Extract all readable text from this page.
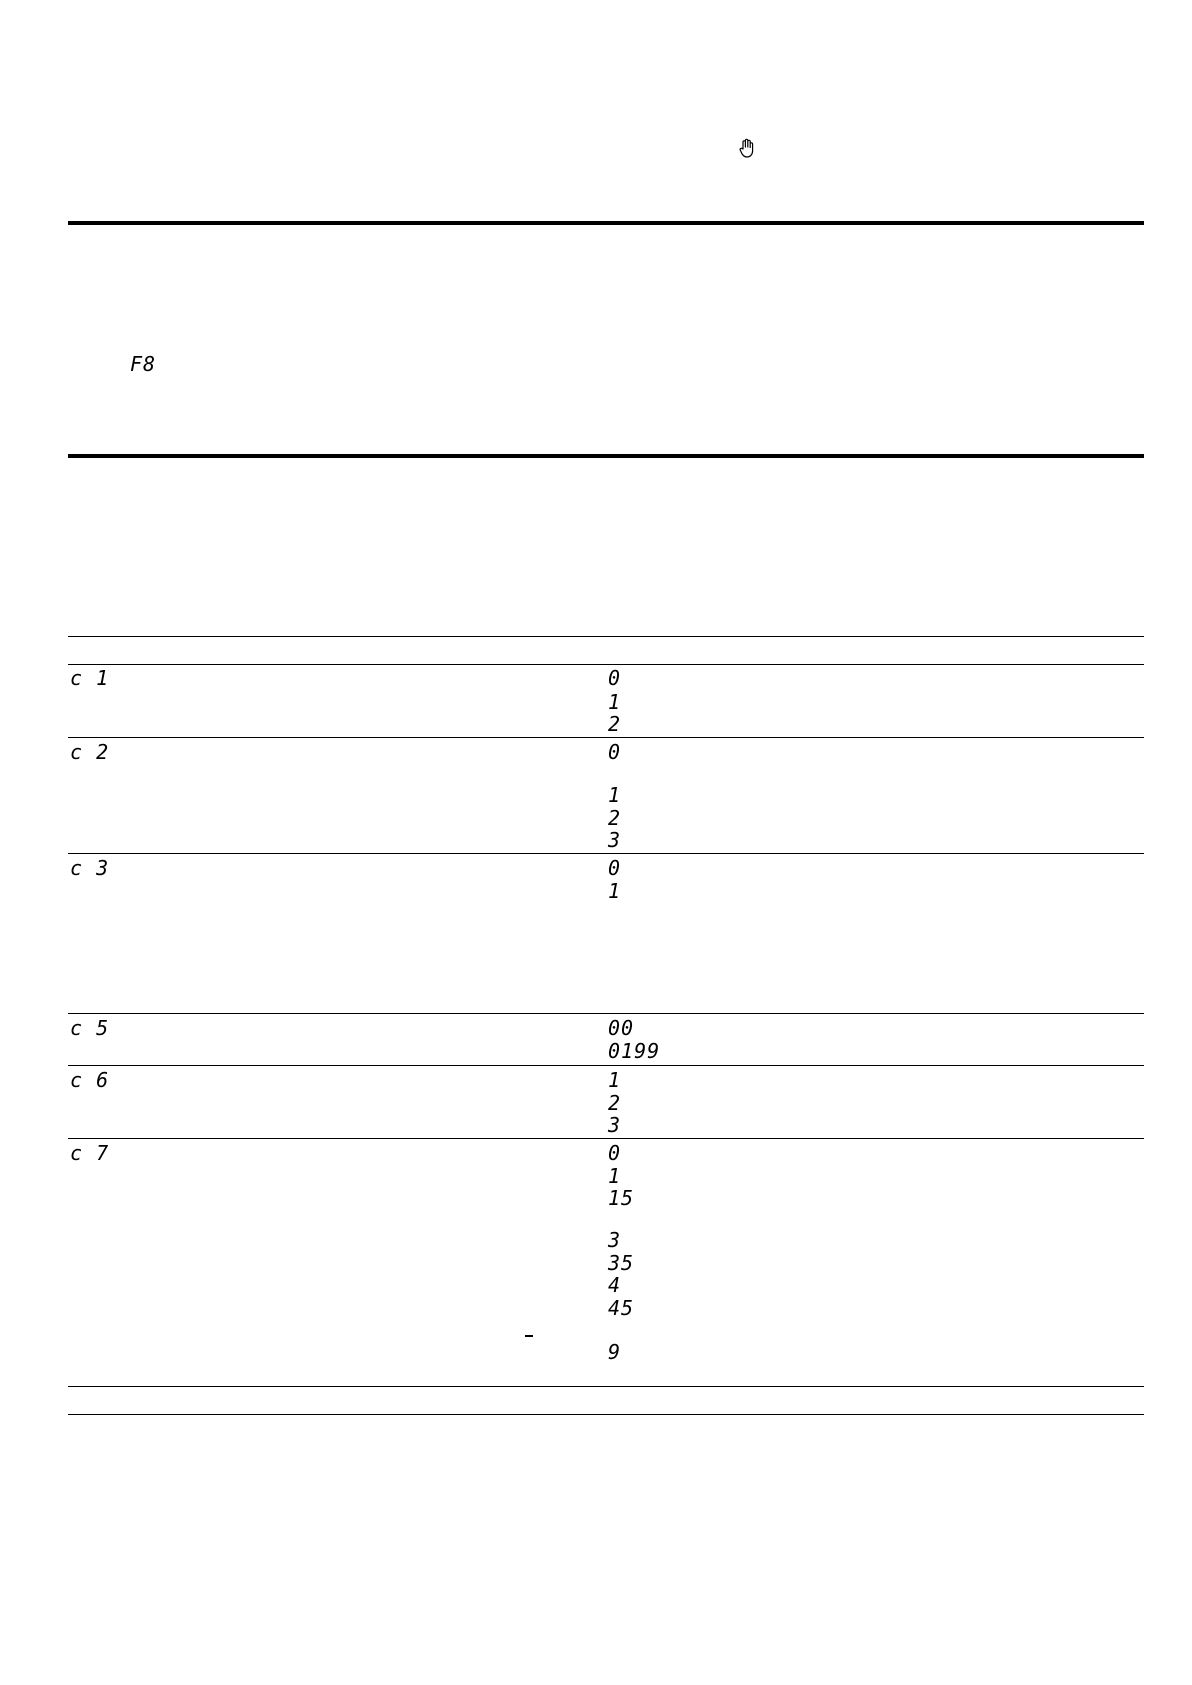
F8
c 1	0
1
2
c 2	0
1
2
3
c 3	0
1
c 5	00
0199
c 6	1
2
3
c 7	0
1
15
3
35
4
45
9
